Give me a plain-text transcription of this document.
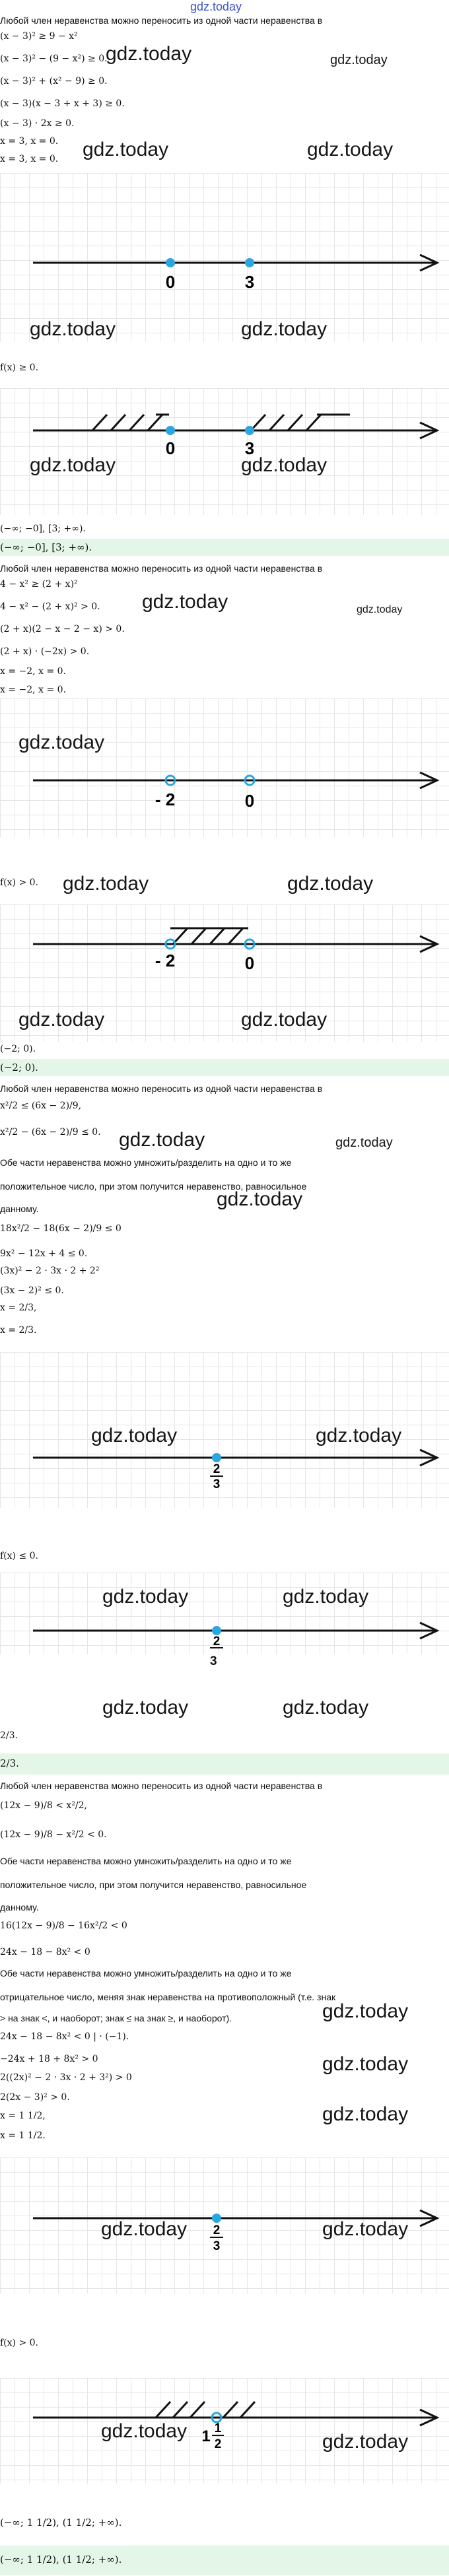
gdz.today
Любой член неравенства можно переносить из одной части неравенства в
(x − 3)² ≥ 9 − x²
(x − 3)² − (9 − x²) ≥ 0.
(x − 3)² + (x² − 9) ≥ 0.
(x − 3)(x − 3 + x + 3) ≥ 0.
(x − 3) · 2x ≥ 0.
x = 3, x = 0.
x = 3, x = 0.
gdz.today	gdz.today
gdz.today	gdz.today
0	3
gdz.today	gdz.today
f(x) ≥ 0.
0	3
gdz.today	gdz.today
(−∞; −0], [3; +∞).
(−∞; −0], [3; +∞).
Любой член неравенства можно переносить из одной части неравенства в
4 − x² ≥ (2 + x)²
4 − x² − (2 + x)² > 0.
(2 + x)(2 − x − 2 − x) > 0.
(2 + x) · (−2x) > 0.
x = −2, x = 0.
x = −2, x = 0.
gdz.today	gdz.today
- 2	0
gdz.today
f(x) > 0. gdz.today	gdz.today
- 2	0
gdz.today	gdz.today
(−2; 0).
(−2; 0).
Любой член неравенства можно переносить из одной части неравенства в
x²/2 ≤ (6x − 2)/9,
x²/2 − (6x − 2)/9 ≤ 0. gdz.today	gdz.today
Обе части неравенства можно умножить/разделить на одно и то же
положительное число, при этом получится неравенство, равносильное
данному.
18x²/2 − 18(6x − 2)/9 ≤ 0
9x² − 12x + 4 ≤ 0.
(3x)² − 2 · 3x · 2 + 2²
(3x − 2)² ≤ 0.
x = 2/3,
x = 2/3.
gdz.today
2
3
gdz.today	gdz.today
f(x) ≤ 0.
2
gdz.today	gdz.today
3
gdz.today	gdz.today
2/3.
2/3.
Любой член неравенства можно переносить из одной части неравенства в
(12x − 9)/8 < x²/2,
(12x − 9)/8 − x²/2 < 0.
Обе части неравенства можно умножить/разделить на одно и то же
положительное число, при этом получится неравенство, равносильное
данному.
16(12x − 9)/8 − 16x²/2 < 0
24x − 18 − 8x² < 0
Обе части неравенства можно умножить/разделить на одно и то же
отрицательное число, меняя знак неравенства на противоположный (т.е. знак
> на знак <, и наоборот; знак ≤ на знак ≥, и наоборот).
24x − 18 − 8x² < 0 | · (−1).
−24x + 18 + 8x² > 0
2((2x)² − 2 · 3x · 2 + 3²) > 0
2(2x − 3)² > 0.
x = 1 1/2,
x = 1 1/2.
gdz.today
gdz.today
gdz.today
2
3
gdz.today	gdz.today
f(x) > 0.
1 1
2
gdz.today	gdz.today
(−∞; 1 1/2), (1 1/2; +∞).
(−∞; 1 1/2), (1 1/2; +∞).
